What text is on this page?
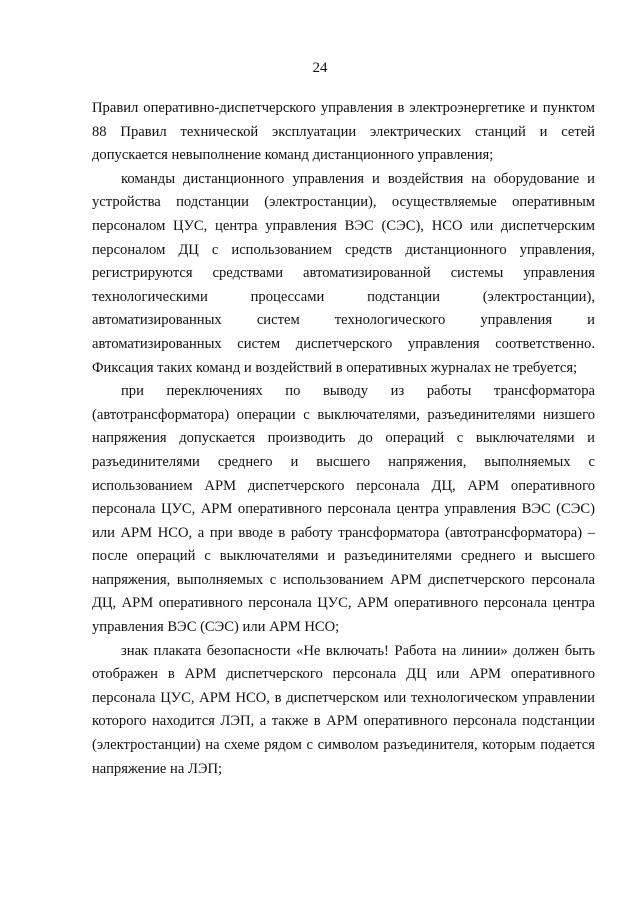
24

Правил оперативно-диспетчерского управления в электроэнергетике и пунктом 88 Правил технической эксплуатации электрических станций и сетей допускается невыполнение команд дистанционного управления;

команды дистанционного управления и воздействия на оборудование и устройства подстанции (электростанции), осуществляемые оперативным персоналом ЦУС, центра управления ВЭС (СЭС), НСО или диспетчерским персоналом ДЦ с использованием средств дистанционного управления, регистрируются средствами автоматизированной системы управления технологическими процессами подстанции (электростанции), автоматизированных систем технологического управления и автоматизированных систем диспетчерского управления соответственно. Фиксация таких команд и воздействий в оперативных журналах не требуется;

при переключениях по выводу из работы трансформатора (автотрансформатора) операции с выключателями, разъединителями низшего напряжения допускается производить до операций с выключателями и разъединителями среднего и высшего напряжения, выполняемых с использованием АРМ диспетчерского персонала ДЦ, АРМ оперативного персонала ЦУС, АРМ оперативного персонала центра управления ВЭС (СЭС) или АРМ НСО, а при вводе в работу трансформатора (автотрансформатора) – после операций с выключателями и разъединителями среднего и высшего напряжения, выполняемых с использованием АРМ диспетчерского персонала ДЦ, АРМ оперативного персонала ЦУС, АРМ оперативного персонала центра управления ВЭС (СЭС) или АРМ НСО;

знак плаката безопасности «Не включать! Работа на линии» должен быть отображен в АРМ диспетчерского персонала ДЦ или АРМ оперативного персонала ЦУС, АРМ НСО, в диспетчерском или технологическом управлении которого находится ЛЭП, а также в АРМ оперативного персонала подстанции (электростанции) на схеме рядом с символом разъединителя, которым подается напряжение на ЛЭП;
